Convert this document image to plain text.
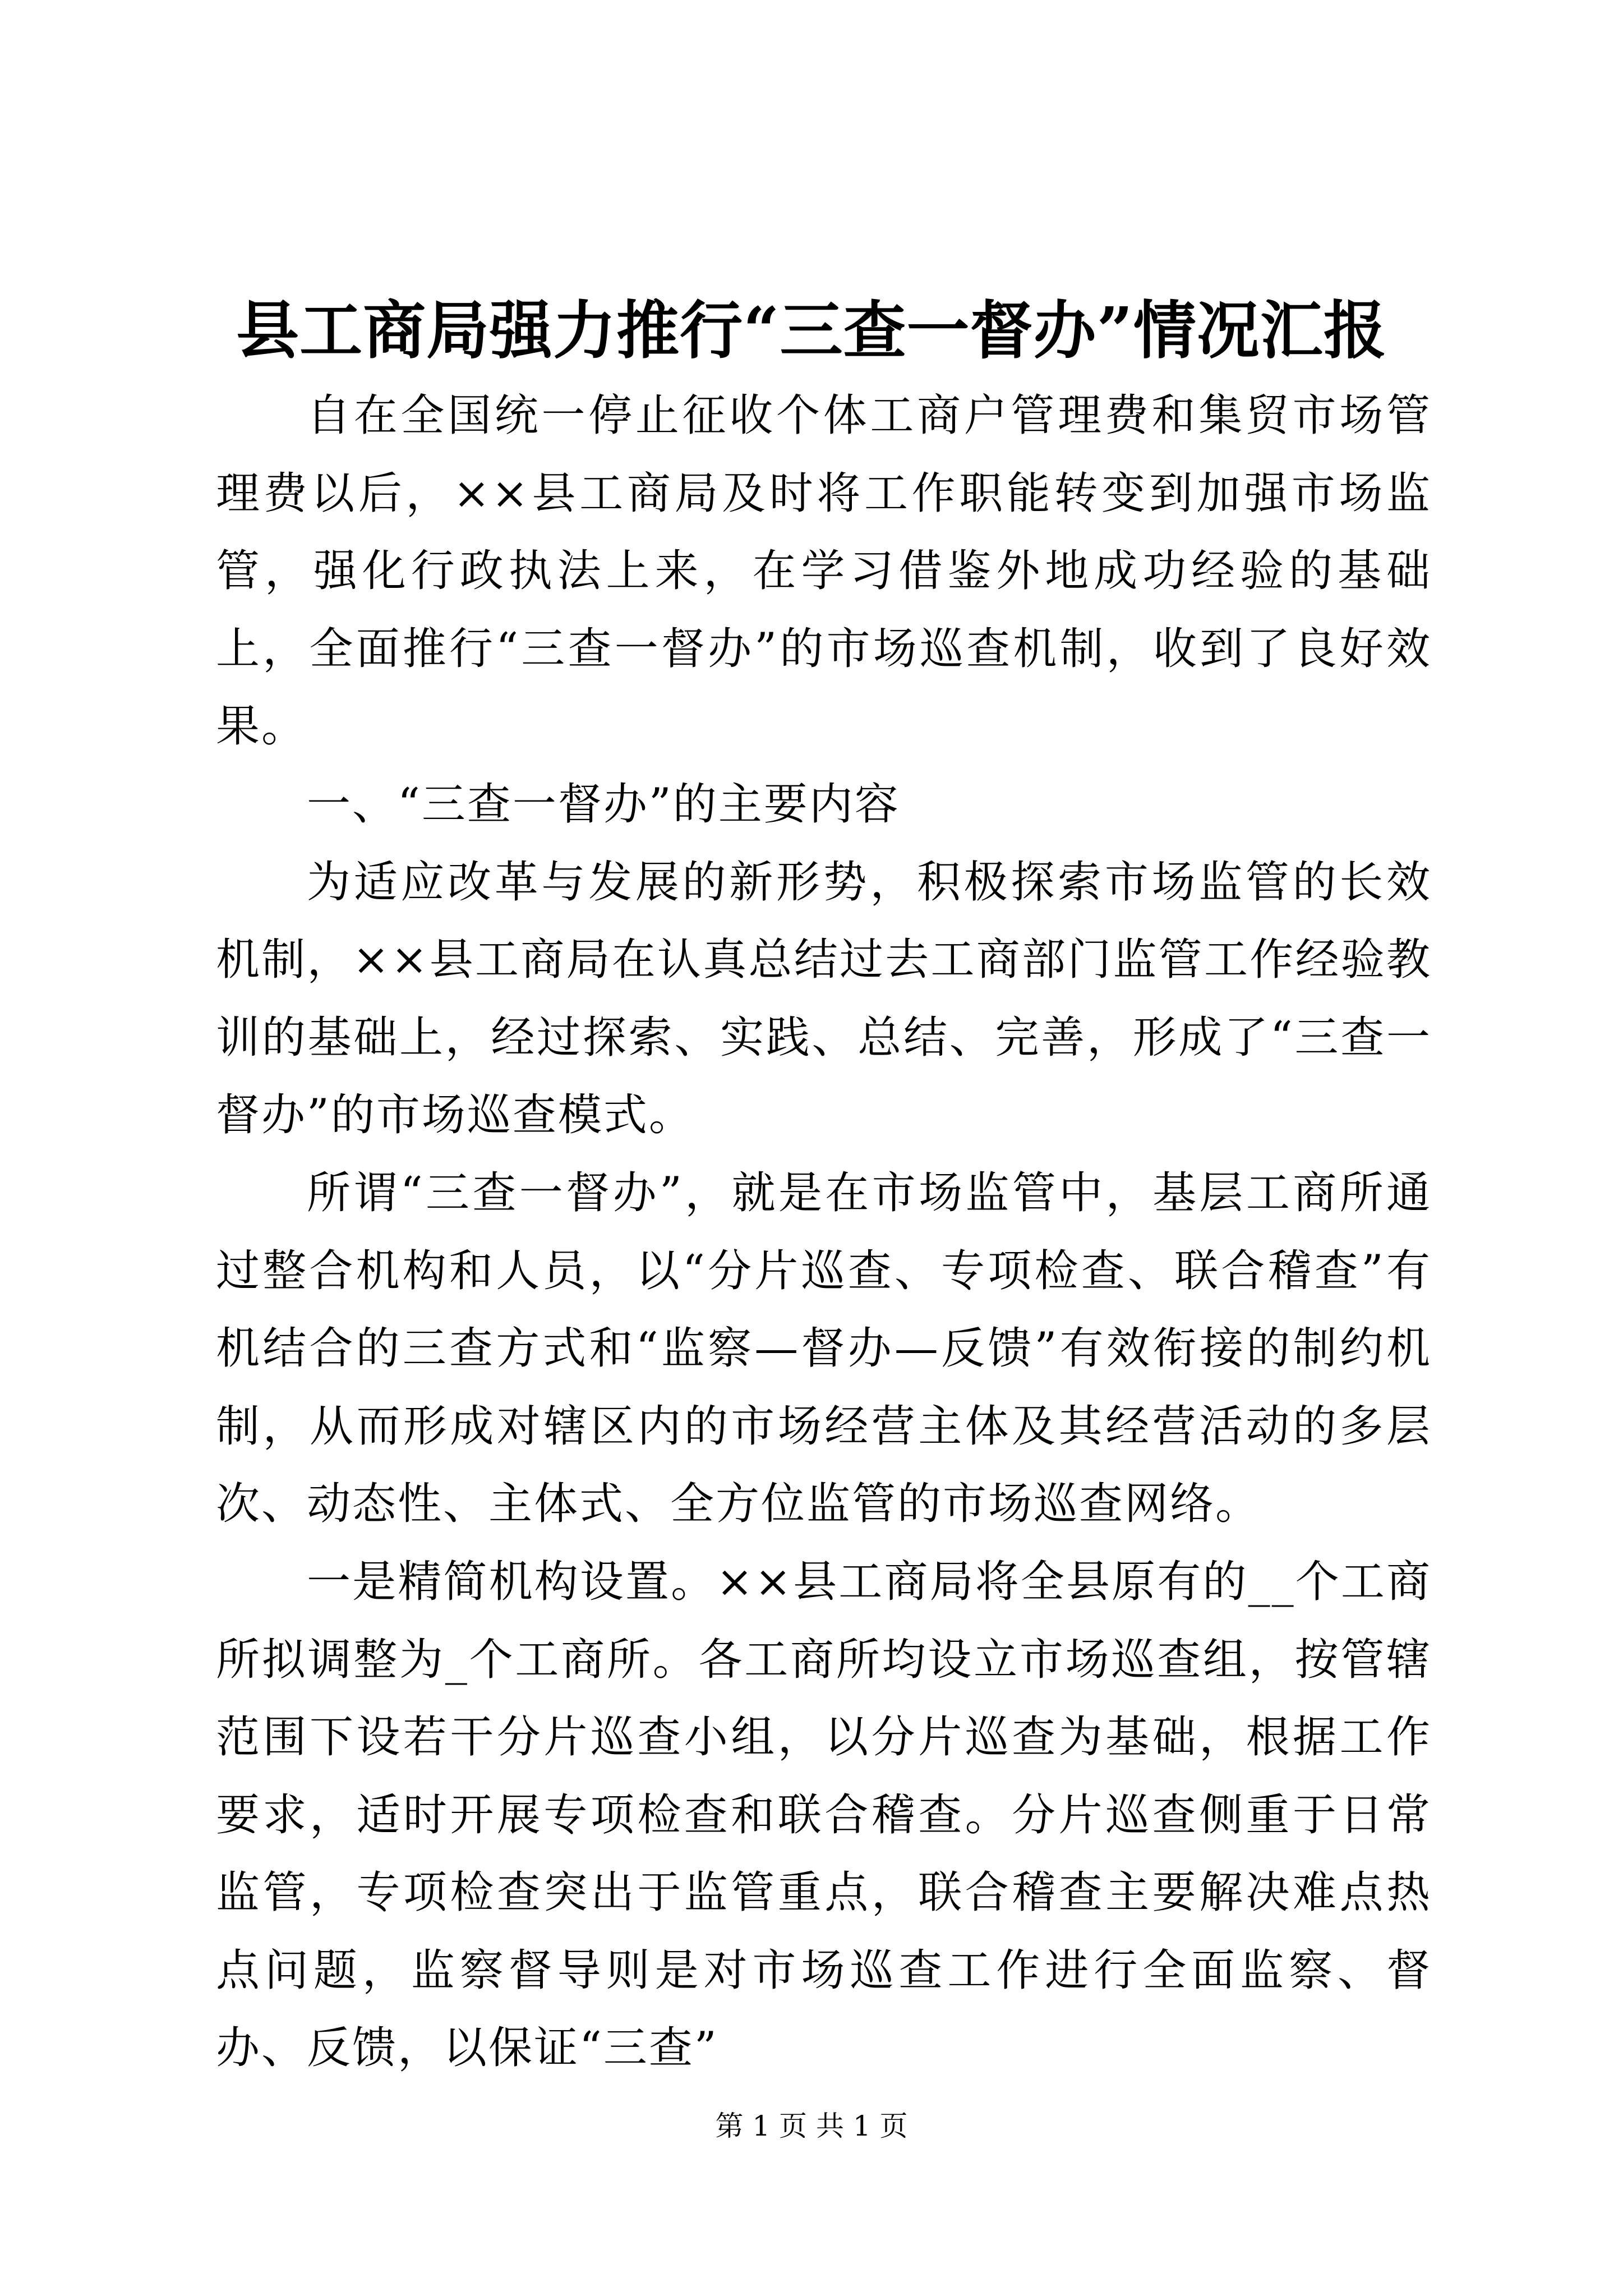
县工商局强力推行“三查一督办”情况汇报

自在全国统一停止征收个体工商户管理费和集贸市场管理费以后，××县工商局及时将工作职能转变到加强市场监管，强化行政执法上来，在学习借鉴外地成功经验的基础上，全面推行“三查一督办”的市场巡查机制，收到了良好效果。

一、“三查一督办”的主要内容

为适应改革与发展的新形势，积极探索市场监管的长效机制，××县工商局在认真总结过去工商部门监管工作经验教训的基础上，经过探索、实践、总结、完善，形成了“三查一督办”的市场巡查模式。

所谓“三查一督办”，就是在市场监管中，基层工商所通过整合机构和人员，以“分片巡查、专项检查、联合稽查”有机结合的三查方式和“监察—督办—反馈”有效衔接的制约机制，从而形成对辖区内的市场经营主体及其经营活动的多层次、动态性、主体式、全方位监管的市场巡查网络。

一是精简机构设置。××县工商局将全县原有的__个工商所拟调整为_个工商所。各工商所均设立市场巡查组，按管辖范围下设若干分片巡查小组，以分片巡查为基础，根据工作要求，适时开展专项检查和联合稽查。分片巡查侧重于日常监管，专项检查突出于监管重点，联合稽查主要解决难点热点问题，监察督导则是对市场巡查工作进行全面监察、督办、反馈，以保证“三查”

第 1 页 共 1 页
